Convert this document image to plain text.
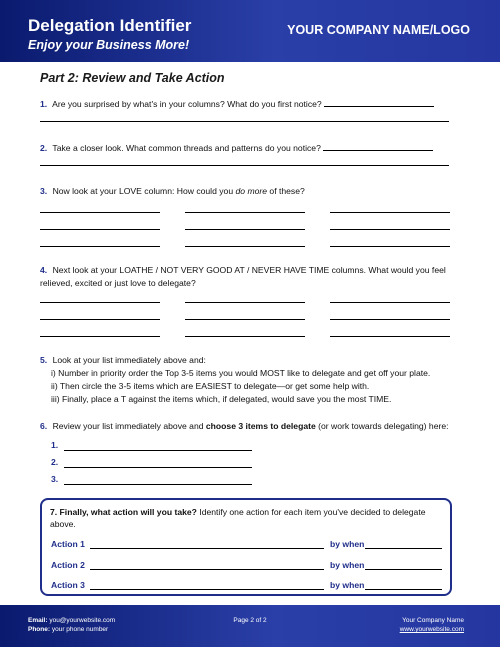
Delegation Identifier
Enjoy your Business More!
YOUR COMPANY NAME/LOGO
Part 2: Review and Take Action
1. Are you surprised by what's in your columns? What do you first notice?
2. Take a closer look. What common threads and patterns do you notice?
3. Now look at your LOVE column: How could you do more of these?
4. Next look at your LOATHE / NOT VERY GOOD AT / NEVER HAVE TIME columns. What would you feel
relieved, excited or just love to delegate?
5. Look at your list immediately above and:
i) Number in priority order the Top 3-5 items you would MOST like to delegate and get off your plate.
ii) Then circle the 3-5 items which are EASIEST to delegate—or get some help with.
iii) Finally, place a T against the items which, if delegated, would save you the most TIME.
6. Review your list immediately above and choose 3 items to delegate (or work towards delegating) here:
1.
2.
3.
7. Finally, what action will you take? Identify one action for each item you've decided to delegate above.
Action 1	by when
Action 2	by when
Action 3	by when
Email: you@yourwebsite.com
Phone: your phone number
Page 2 of 2	Your Company Name
www.yourwebsite.com
